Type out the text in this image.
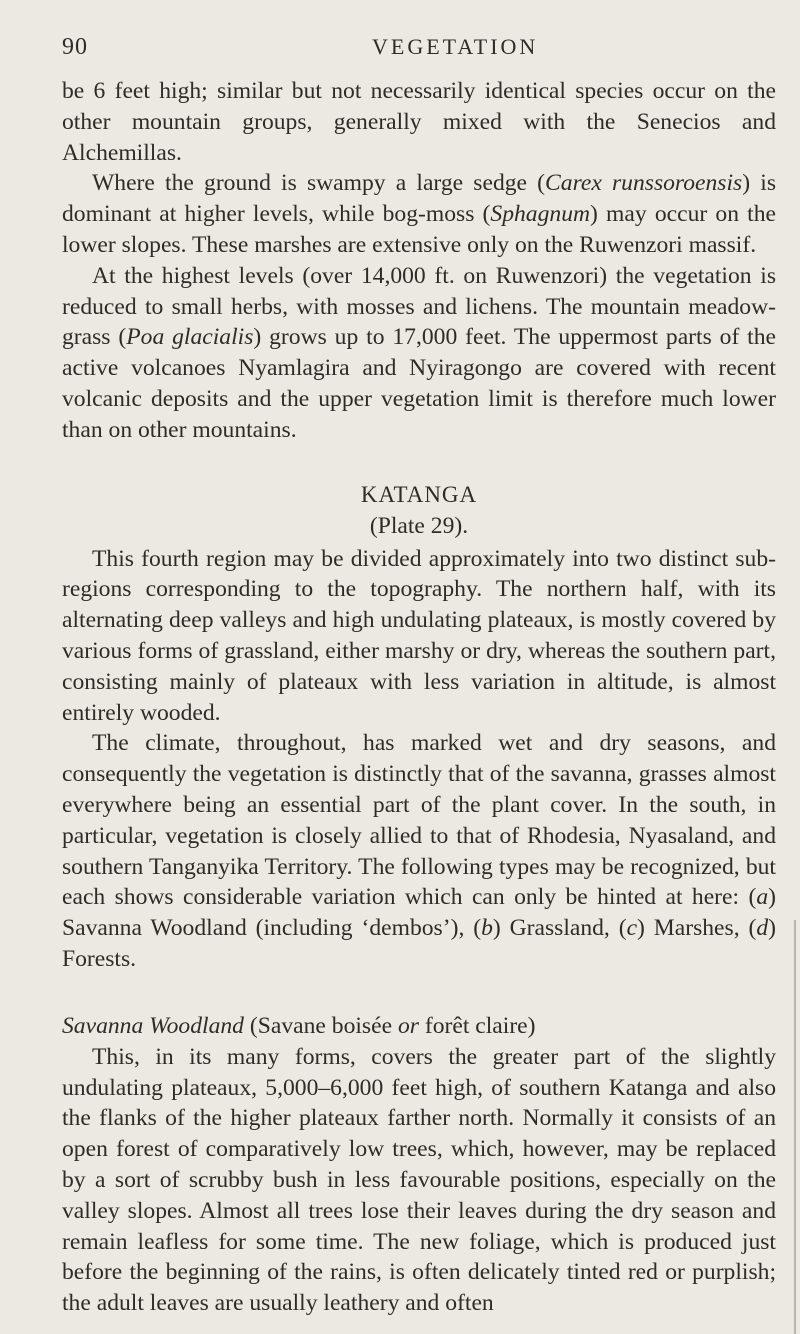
90	VEGETATION

be 6 feet high; similar but not necessarily identical species occur on the other mountain groups, generally mixed with the Senecios and Alchemillas.

Where the ground is swampy a large sedge (Carex runssoroensis) is dominant at higher levels, while bog-moss (Sphagnum) may occur on the lower slopes. These marshes are extensive only on the Ruwenzori massif.

At the highest levels (over 14,000 ft. on Ruwenzori) the vegetation is reduced to small herbs, with mosses and lichens. The mountain meadow-grass (Poa glacialis) grows up to 17,000 feet. The uppermost parts of the active volcanoes Nyamlagira and Nyiragongo are covered with recent volcanic deposits and the upper vegetation limit is therefore much lower than on other mountains.

KATANGA
(Plate 29).

This fourth region may be divided approximately into two distinct sub-regions corresponding to the topography. The northern half, with its alternating deep valleys and high undulating plateaux, is mostly covered by various forms of grassland, either marshy or dry, whereas the southern part, consisting mainly of plateaux with less variation in altitude, is almost entirely wooded.

The climate, throughout, has marked wet and dry seasons, and consequently the vegetation is distinctly that of the savanna, grasses almost everywhere being an essential part of the plant cover. In the south, in particular, vegetation is closely allied to that of Rhodesia, Nyasaland, and southern Tanganyika Territory. The following types may be recognized, but each shows considerable variation which can only be hinted at here: (a) Savanna Woodland (including ‘dembos’), (b) Grassland, (c) Marshes, (d) Forests.

Savanna Woodland (Savane boisée or forêt claire)

This, in its many forms, covers the greater part of the slightly undulating plateaux, 5,000–6,000 feet high, of southern Katanga and also the flanks of the higher plateaux farther north. Normally it consists of an open forest of comparatively low trees, which, however, may be replaced by a sort of scrubby bush in less favourable positions, especially on the valley slopes. Almost all trees lose their leaves during the dry season and remain leafless for some time. The new foliage, which is produced just before the beginning of the rains, is often delicately tinted red or purplish; the adult leaves are usually leathery and often
